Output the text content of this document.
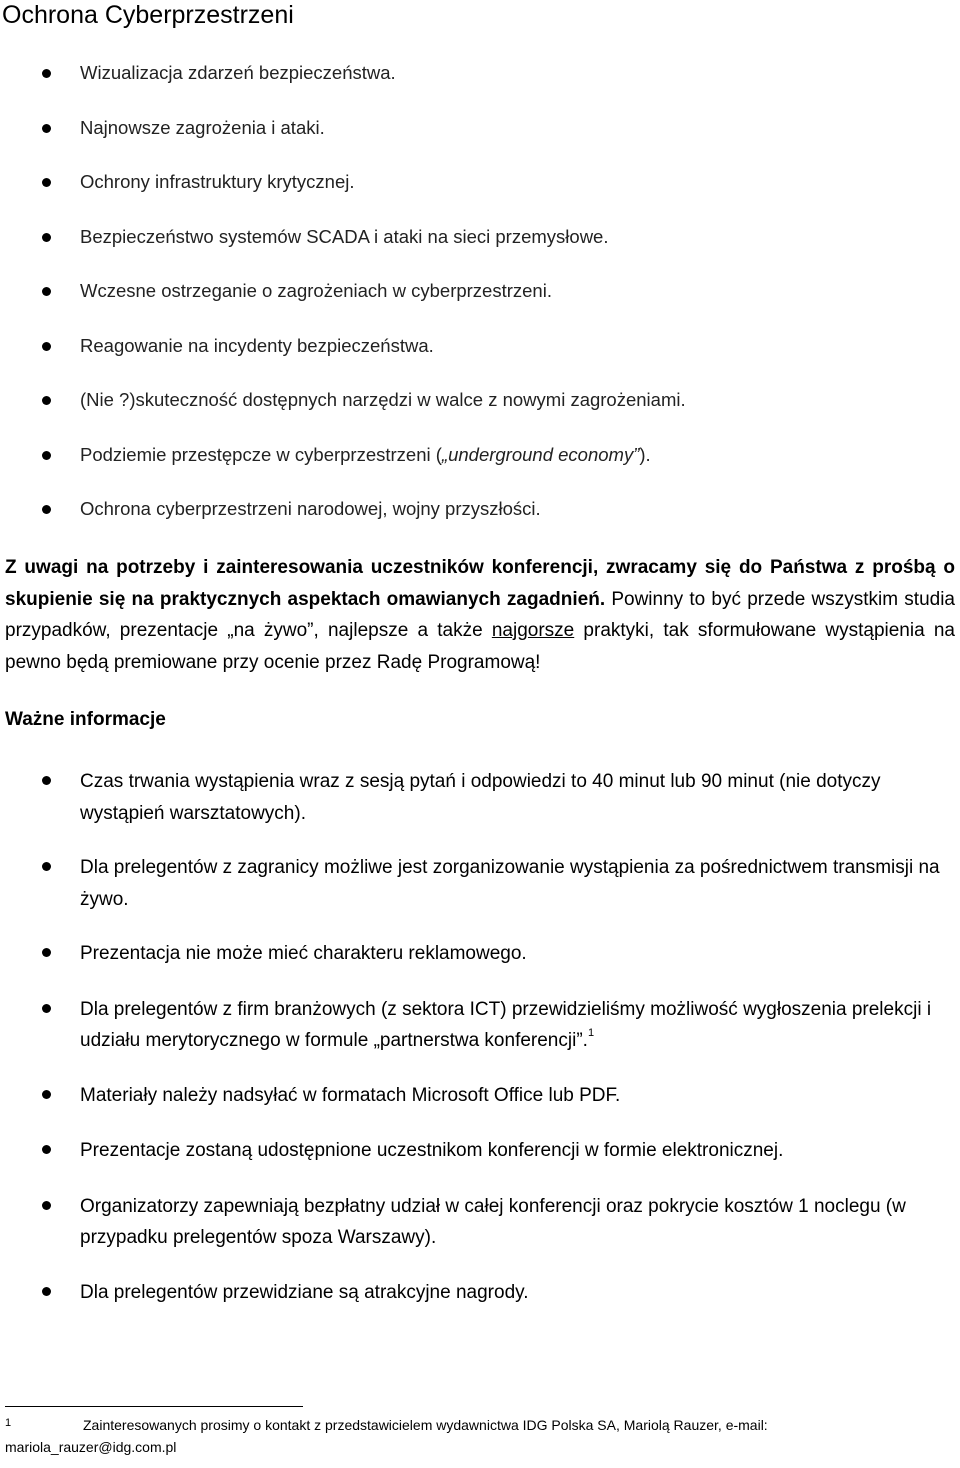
Ochrona Cyberprzestrzeni
Wizualizacja zdarzeń bezpieczeństwa.
Najnowsze zagrożenia i ataki.
Ochrony infrastruktury krytycznej.
Bezpieczeństwo systemów SCADA i ataki na sieci przemysłowe.
Wczesne ostrzeganie o zagrożeniach w cyberprzestrzeni.
Reagowanie na incydenty bezpieczeństwa.
(Nie ?)skuteczność dostępnych narzędzi w walce z nowymi zagrożeniami.
Podziemie przestępcze w cyberprzestrzeni („underground economy”).
Ochrona cyberprzestrzeni narodowej, wojny przyszłości.

Z uwagi na potrzeby i zainteresowania uczestników konferencji, zwracamy się do Państwa z prośbą o skupienie się na praktycznych aspektach omawianych zagadnień. Powinny to być przede wszystkim studia przypadków, prezentacje „na żywo”, najlepsze a także najgorsze praktyki, tak sformułowane wystąpienia na pewno będą premiowane przy ocenie przez Radę Programową!

Ważne informacje
Czas trwania wystąpienia wraz z sesją pytań i odpowiedzi to 40 minut lub 90 minut (nie dotyczy wystąpień warsztatowych).
Dla prelegentów z zagranicy możliwe jest zorganizowanie wystąpienia za pośrednictwem transmisji na żywo.
Prezentacja nie może mieć charakteru reklamowego.
Dla prelegentów z firm branżowych (z sektora ICT) przewidzieliśmy możliwość wygłoszenia prelekcji i udziału merytorycznego w formule „partnerstwa konferencji”.$^1$
Materiały należy nadsyłać w formatach Microsoft Office lub PDF.
Prezentacje zostaną udostępnione uczestnikom konferencji w formie elektronicznej.
Organizatorzy zapewniają bezpłatny udział w całej konferencji oraz pokrycie kosztów 1 noclegu (w przypadku prelegentów spoza Warszawy).
Dla prelegentów przewidziane są atrakcyjne nagrody.
1	Zainteresowanych prosimy o kontakt z przedstawicielem wydawnictwa IDG Polska SA, Mariolą Rauzer, e-mail:
mariola_rauzer@idg.com.pl
